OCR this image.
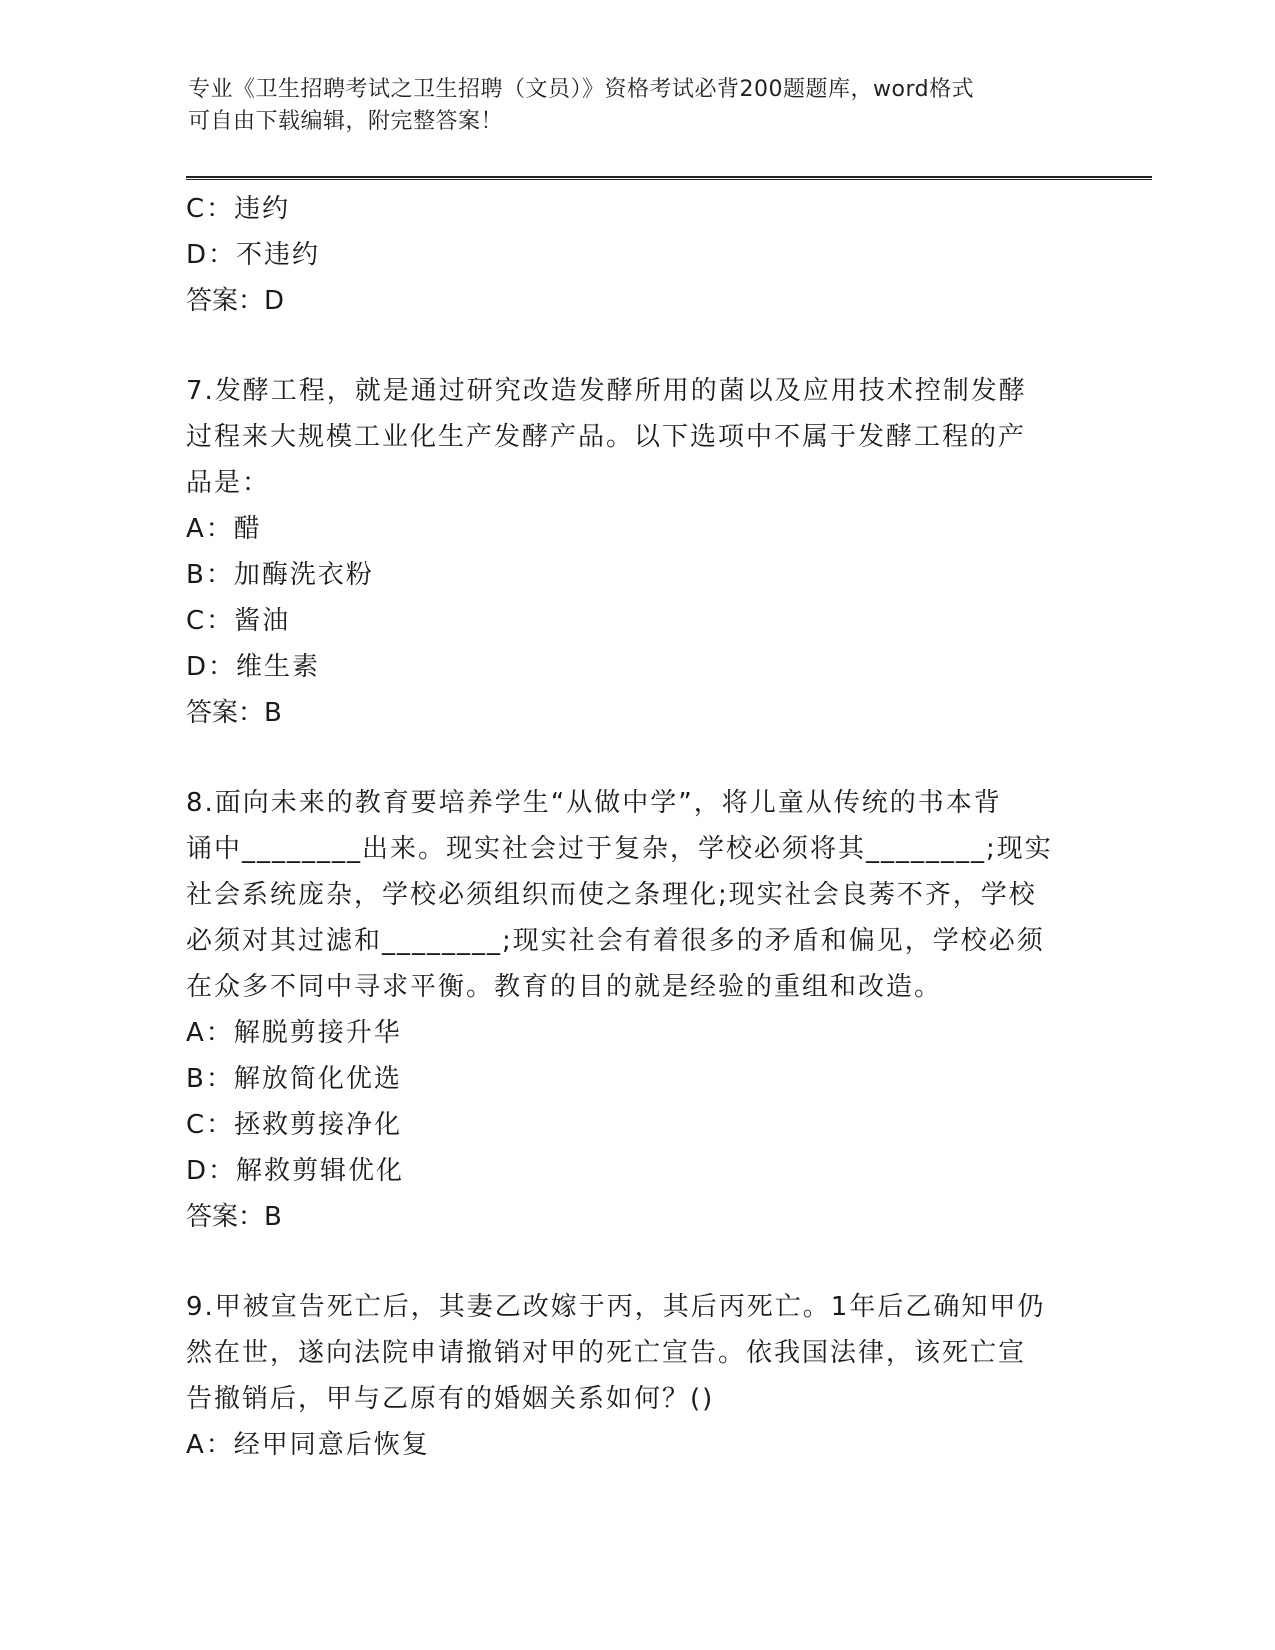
专业《卫生招聘考试之卫生招聘（文员）》资格考试必背200题题库，word格式
可自由下载编辑，附完整答案！
C：违约
D：不违约
答案：D
7.发酵工程，就是通过研究改造发酵所用的菌以及应用技术控制发酵
过程来大规模工业化生产发酵产品。以下选项中不属于发酵工程的产
品是：
A：醋
B：加酶洗衣粉
C：酱油
D：维生素
答案：B
8.面向未来的教育要培养学生“从做中学”，将儿童从传统的书本背
诵中________出来。现实社会过于复杂，学校必须将其________;现实
社会系统庞杂，学校必须组织而使之条理化;现实社会良莠不齐，学校
必须对其过滤和________;现实社会有着很多的矛盾和偏见，学校必须
在众多不同中寻求平衡。教育的目的就是经验的重组和改造。
A：解脱剪接升华
B：解放简化优选
C：拯救剪接净化
D：解救剪辑优化
答案：B
9.甲被宣告死亡后，其妻乙改嫁于丙，其后丙死亡。1年后乙确知甲仍
然在世，遂向法院申请撤销对甲的死亡宣告。依我国法律，该死亡宣
告撤销后，甲与乙原有的婚姻关系如何？()
A：经甲同意后恢复
